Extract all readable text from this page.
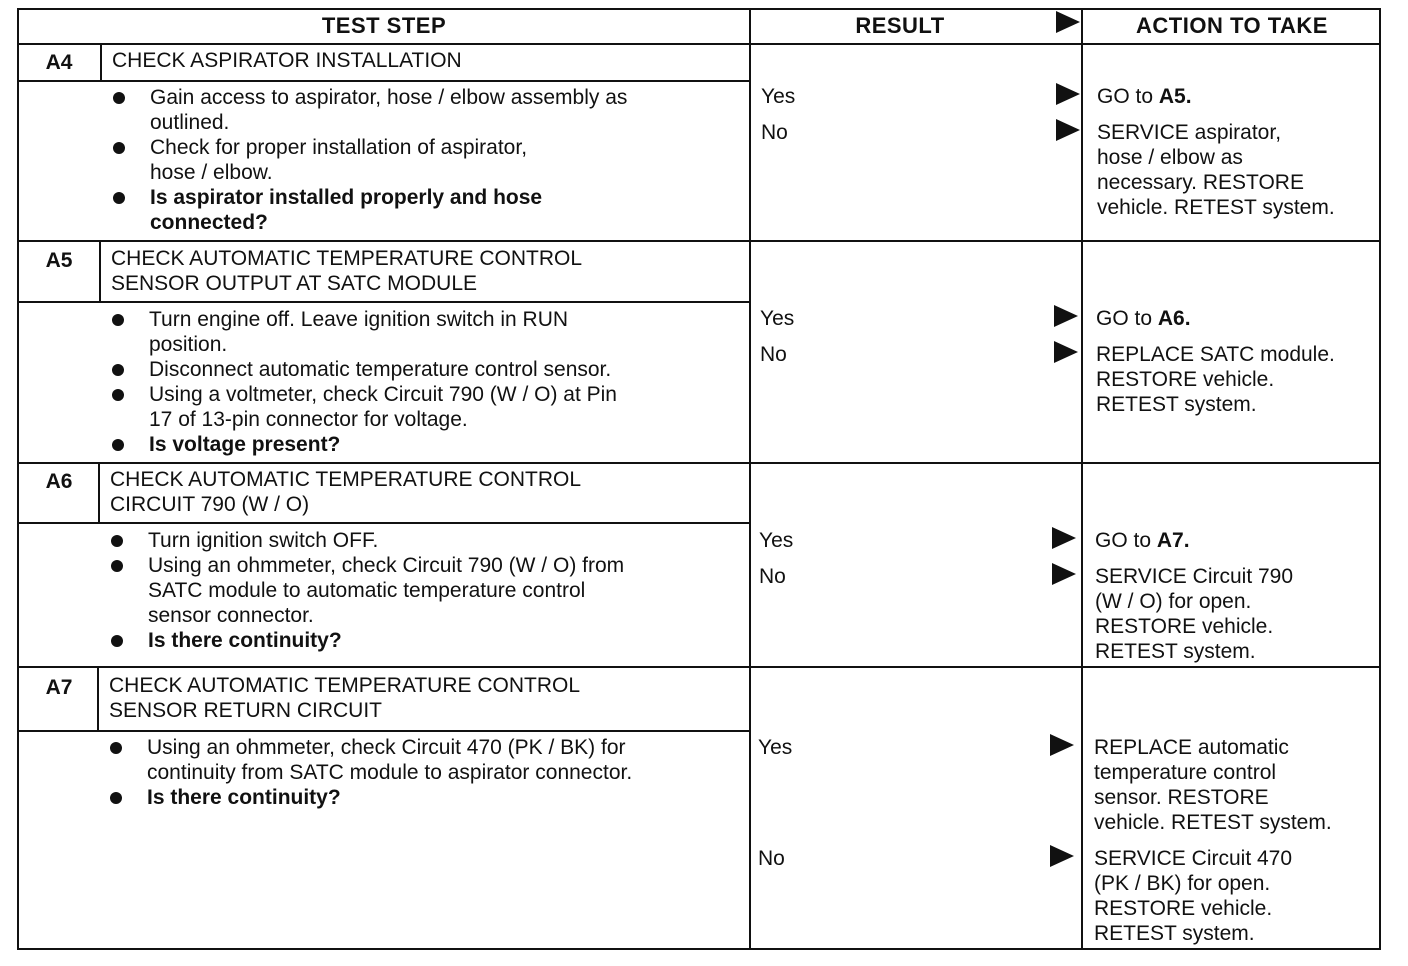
TEST STEP	RESULT	ACTION TO TAKE
A4	CHECK ASPIRATOR INSTALLATION
Gain access to aspirator, hose / elbow assembly as
outlined.
Check for proper installation of aspirator,
hose / elbow.
Is aspirator installed properly and hose
connected?
Yes	GO to A5.
No	SERVICE aspirator,
hose / elbow as
necessary. RESTORE
vehicle. RETEST system.
A5	CHECK AUTOMATIC TEMPERATURE CONTROL
SENSOR OUTPUT AT SATC MODULE
Turn engine off. Leave ignition switch in RUN
position.
Disconnect automatic temperature control sensor.
Using a voltmeter, check Circuit 790 (W / O) at Pin
17 of 13-pin connector for voltage.
Is voltage present?
Yes	GO to A6.
No	REPLACE SATC module.
RESTORE vehicle.
RETEST system.
A6	CHECK AUTOMATIC TEMPERATURE CONTROL
CIRCUIT 790 (W / O)
Turn ignition switch OFF.
Using an ohmmeter, check Circuit 790 (W / O) from
SATC module to automatic temperature control
sensor connector.
Is there continuity?
Yes	GO to A7.
No	SERVICE Circuit 790
(W / O) for open.
RESTORE vehicle.
RETEST system.
A7	CHECK AUTOMATIC TEMPERATURE CONTROL
SENSOR RETURN CIRCUIT
Using an ohmmeter, check Circuit 470 (PK / BK) for
continuity from SATC module to aspirator connector.
Is there continuity?
Yes	REPLACE automatic
temperature control
sensor. RESTORE
vehicle. RETEST system.
No	SERVICE Circuit 470
(PK / BK) for open.
RESTORE vehicle.
RETEST system.
